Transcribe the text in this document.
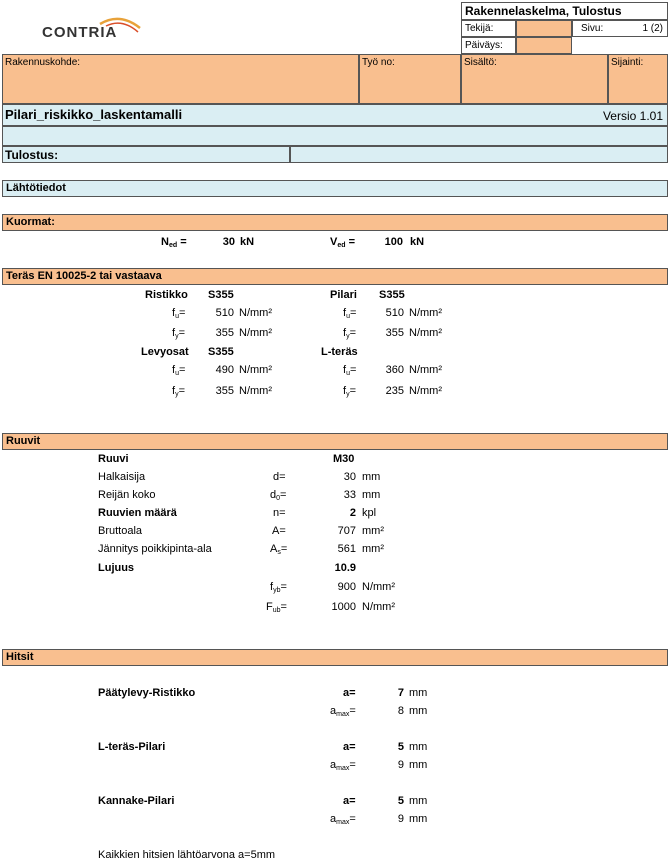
CONTRIA
Rakennelaskelma, Tulostus
Tekijä:	Sivu:	1 (2)
Päiväys:
Rakennuskohde:	Työ no:	Sisältö:	Sijainti:
Pilari_riskikko_laskentamalli	Versio 1.01
Tulostus:
Lähtötiedot
Kuormat:
$N_{ed}$ =	30 kN	$V_{ed}$ =	100 kN
Teräs EN 10025-2 tai vastaava
Ristikko S355	Pilari S355
$f_u=$	510 N/mm²	$f_u=$	510 N/mm²
$f_y=$	355 N/mm²	$f_y=$	355 N/mm²
Levyosat S355	L-teräs
$f_u=$	490 N/mm²	$f_u=$	360 N/mm²
$f_y=$	355 N/mm²	$f_y=$	235 N/mm²
Ruuvit
Ruuvi	M30
Halkaisija	d=	30 mm
Reijän koko	$d_0=$	33 mm
Ruuvien määrä	n=	2 kpl
Bruttoala	A=	707 mm²
Jännitys poikkipinta-ala	$A_s=$	561 mm²
Lujuus	10.9
$f_{yb}=$	900 N/mm²
$F_{ub}=$	1000 N/mm²
Hitsit
Päätylevy-Ristikko	a=	7 mm
$a_{max}=$	8 mm
L-teräs-Pilari	a=	5 mm
$a_{max}=$	9 mm
Kannake-Pilari	a=	5 mm
$a_{max}=$	9 mm
Kaikkien hitsien lähtöarvona a=5mm
